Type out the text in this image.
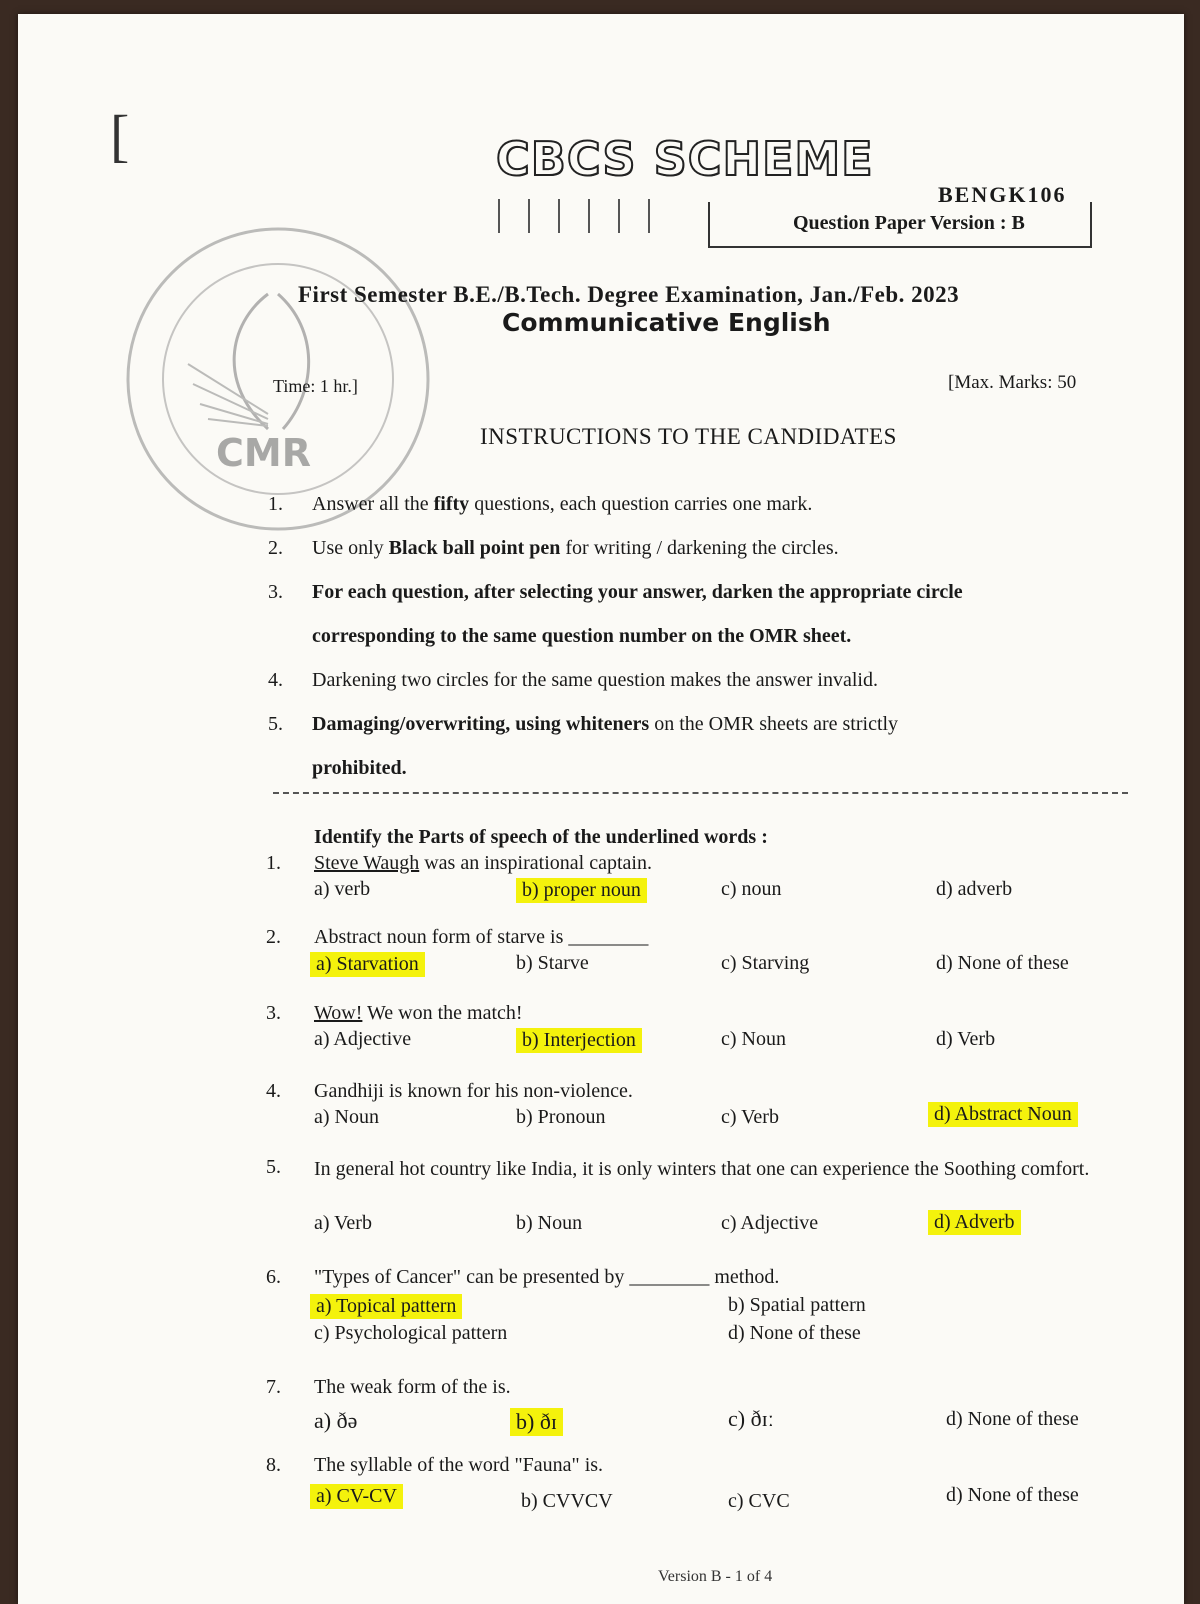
[	CBCS SCHEME
BENGK106
Question Paper Version : B
CMR
First Semester B.E./B.Tech. Degree Examination, Jan./Feb. 2023
Communicative English
Time: 1 hr.]	[Max. Marks: 50
INSTRUCTIONS TO THE CANDIDATES
1. Answer all the fifty questions, each question carries one mark.
2. Use only Black ball point pen for writing / darkening the circles.
3. For each question, after selecting your answer, darken the appropriate circle
corresponding to the same question number on the OMR sheet.
4. Darkening two circles for the same question makes the answer invalid.
5. Damaging/overwriting, using whiteners on the OMR sheets are strictly
prohibited.
Identify the Parts of speech of the underlined words :
1.	Steve Waugh was an inspirational captain.
a) verb	b) proper noun	c) noun	d) adverb
2.	Abstract noun form of starve is ________
a) Starvation	b) Starve	c) Starving	d) None of these
3.	Wow! We won the match!
a) Adjective	b) Interjection	c) Noun	d) Verb
4.	Gandhiji is known for his non-violence.
a) Noun	b) Pronoun	c) Verb	d) Abstract Noun
5.	In general hot country like India, it is only winters that one can experience the Soothing comfort.
a) Verb	b) Noun	c) Adjective	d) Adverb
6.	"Types of Cancer" can be presented by ________ method.
a) Topical pattern	b) Spatial pattern
c) Psychological pattern	d) None of these
7.	The weak form of the is.
a) ðə	b) ðɪ	c) ðɪː	d) None of these
8.	The syllable of the word "Fauna" is.
a) CV-CV	b) CVVCV	c) CVC	d) None of these
Version B - 1 of 4
